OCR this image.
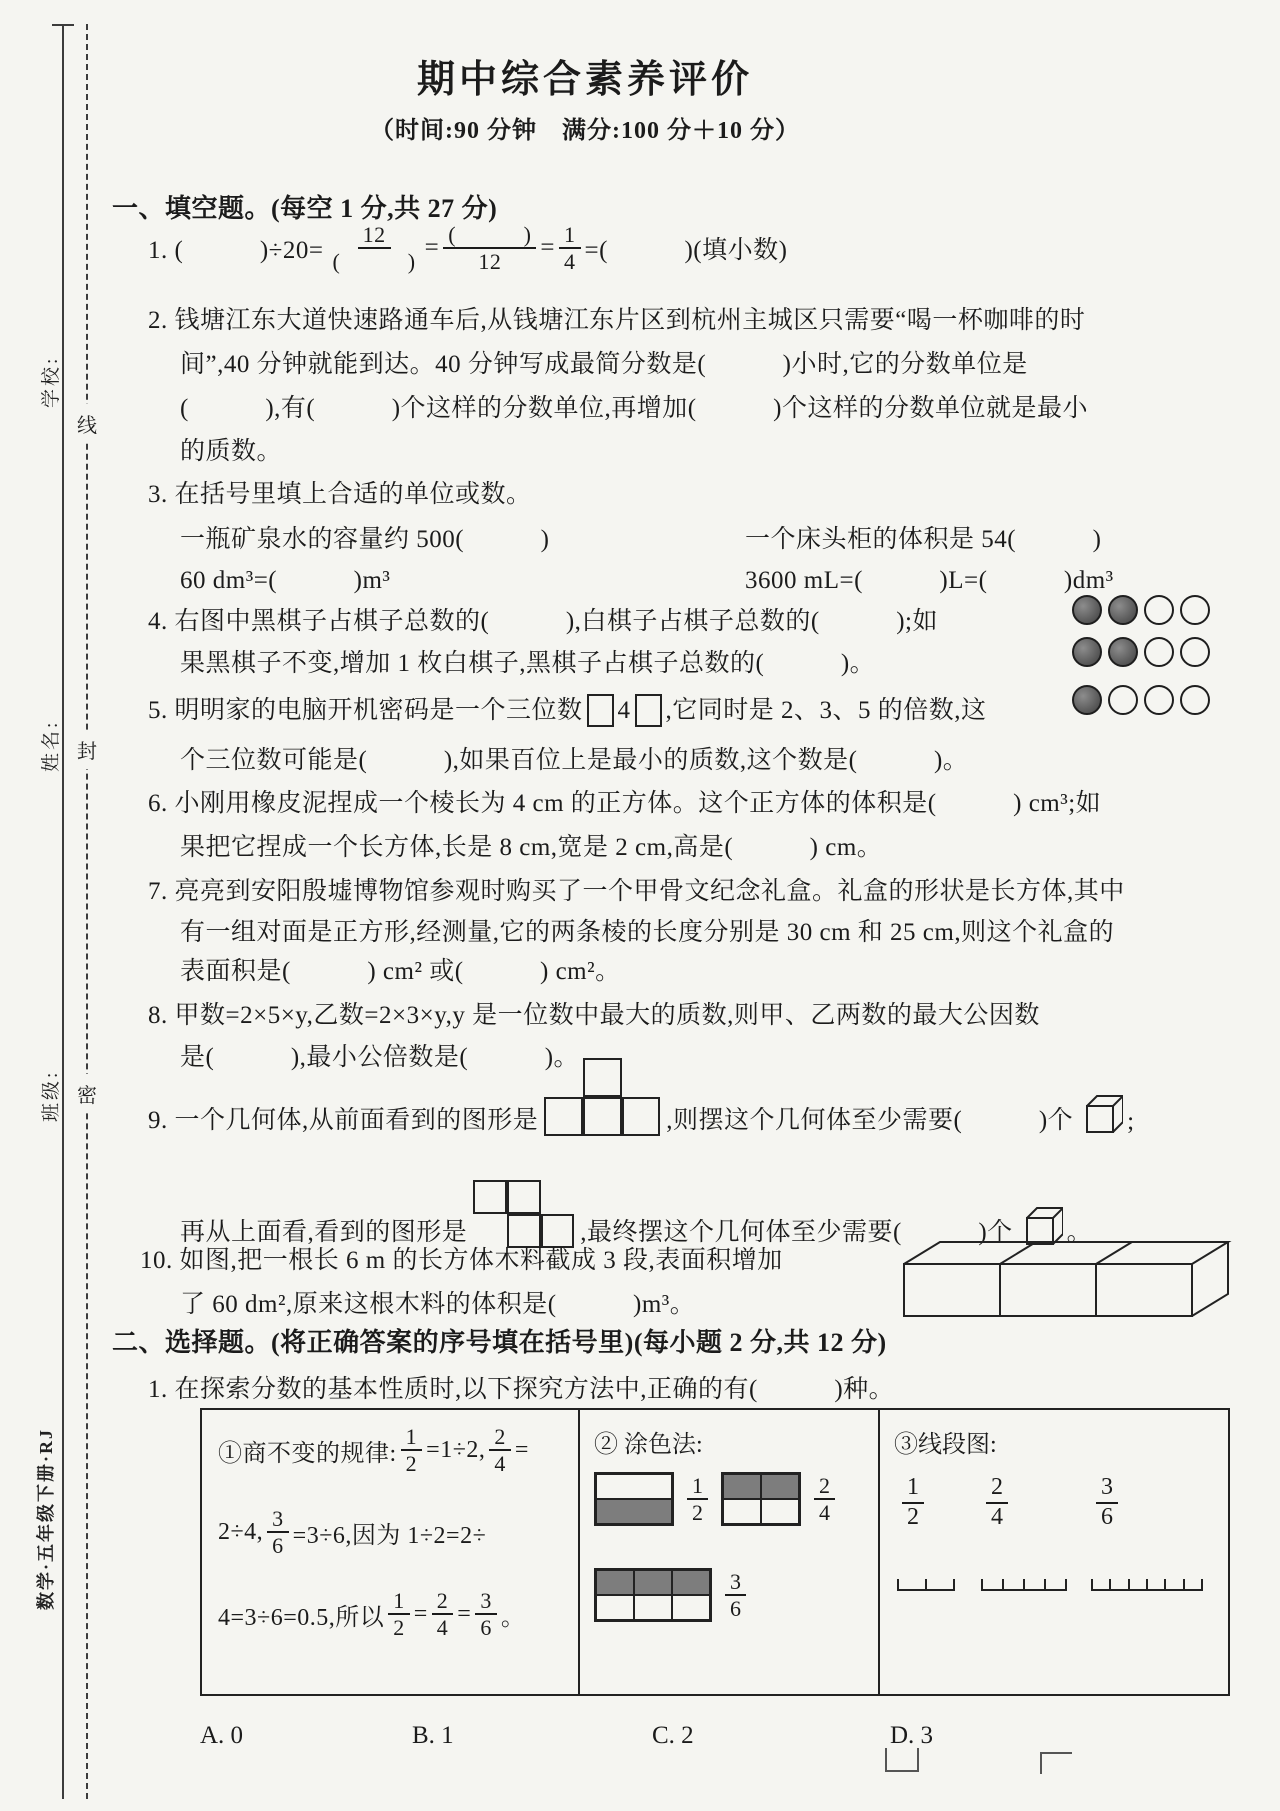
学校:
姓名:
班级:
线
封
密
数学·五年级下册·RJ
期中综合素养评价
（时间:90 分钟　满分:100 分＋10 分）
一、填空题。(每空 1 分,共 27 分)
1. (　　　)$\div 20= \frac{12}{( )} = \frac{( )}{12} = \frac{1}{4}$ =(　　　)(填小数)
2. 钱塘江东大道快速路通车后,从钱塘江东片区到杭州主城区只需要“喝一杯咖啡的时
间”,40 分钟就能到达。40 分钟写成最简分数是(　　　)小时,它的分数单位是
(　　　),有(　　　)个这样的分数单位,再增加(　　　)个这样的分数单位就是最小
的质数。
3. 在括号里填上合适的单位或数。
一瓶矿泉水的容量约 500(　　　)	一个床头柜的体积是 54(　　　)
60 dm³=(　　　)m³	3600 mL=(　　　)L=(　　　)dm³
4. 右图中黑棋子占棋子总数的(　　　),白棋子占棋子总数的(　　　);如
果黑棋子不变,增加 1 枚白棋子,黑棋子占棋子总数的(　　　)。
5. 明明家的电脑开机密码是一个三位数 4 ,它同时是 2、3、5 的倍数,这
个三位数可能是(　　　),如果百位上是最小的质数,这个数是(　　　)。
6. 小刚用橡皮泥捏成一个棱长为 4 cm 的正方体。这个正方体的体积是(　　　) cm³;如
果把它捏成一个长方体,长是 8 cm,宽是 2 cm,高是(　　　) cm。
7. 亮亮到安阳殷墟博物馆参观时购买了一个甲骨文纪念礼盒。礼盒的形状是长方体,其中
有一组对面是正方形,经测量,它的两条棱的长度分别是 30 cm 和 25 cm,则这个礼盒的
表面积是(　　　) cm² 或(　　　) cm²。
8. 甲数=2×5×y,乙数=2×3×y,y 是一位数中最大的质数,则甲、乙两数的最大公因数
是(　　　),最小公倍数是(　　　)。
9. 一个几何体,从前面看到的图形是	,则摆这个几何体至少需要(　　　)个 ;
再从上面看,看到的图形是	,最终摆这个几何体至少需要(　　　)个 。
10. 如图,把一根长 6 m 的长方体木料截成 3 段,表面积增加
了 60 dm²,原来这根木料的体积是(　　　)m³。
二、选择题。(将正确答案的序号填在括号里)(每小题 2 分,共 12 分)
1. 在探索分数的基本性质时,以下探究方法中,正确的有(　　　)种。
①商不变的规律: $\frac{1}{2} =1\div 2$, $\frac{2}{4}$ =
2÷4, $\frac{3}{6} =3\div 6$,因为 1÷2=2÷
4=3÷6=0.5,所以 $\frac{1}{2} = \frac{2}{4} = \frac{3}{6}$ 。
② 涂色法:
$\frac{1}{2}$	$\frac{2}{4}$
$\frac{3}{6}$
③线段图:
$\frac{1}{2}$	$\frac{2}{4}$	$\frac{3}{6}$
A. 0	B. 1	C. 2	D. 3
